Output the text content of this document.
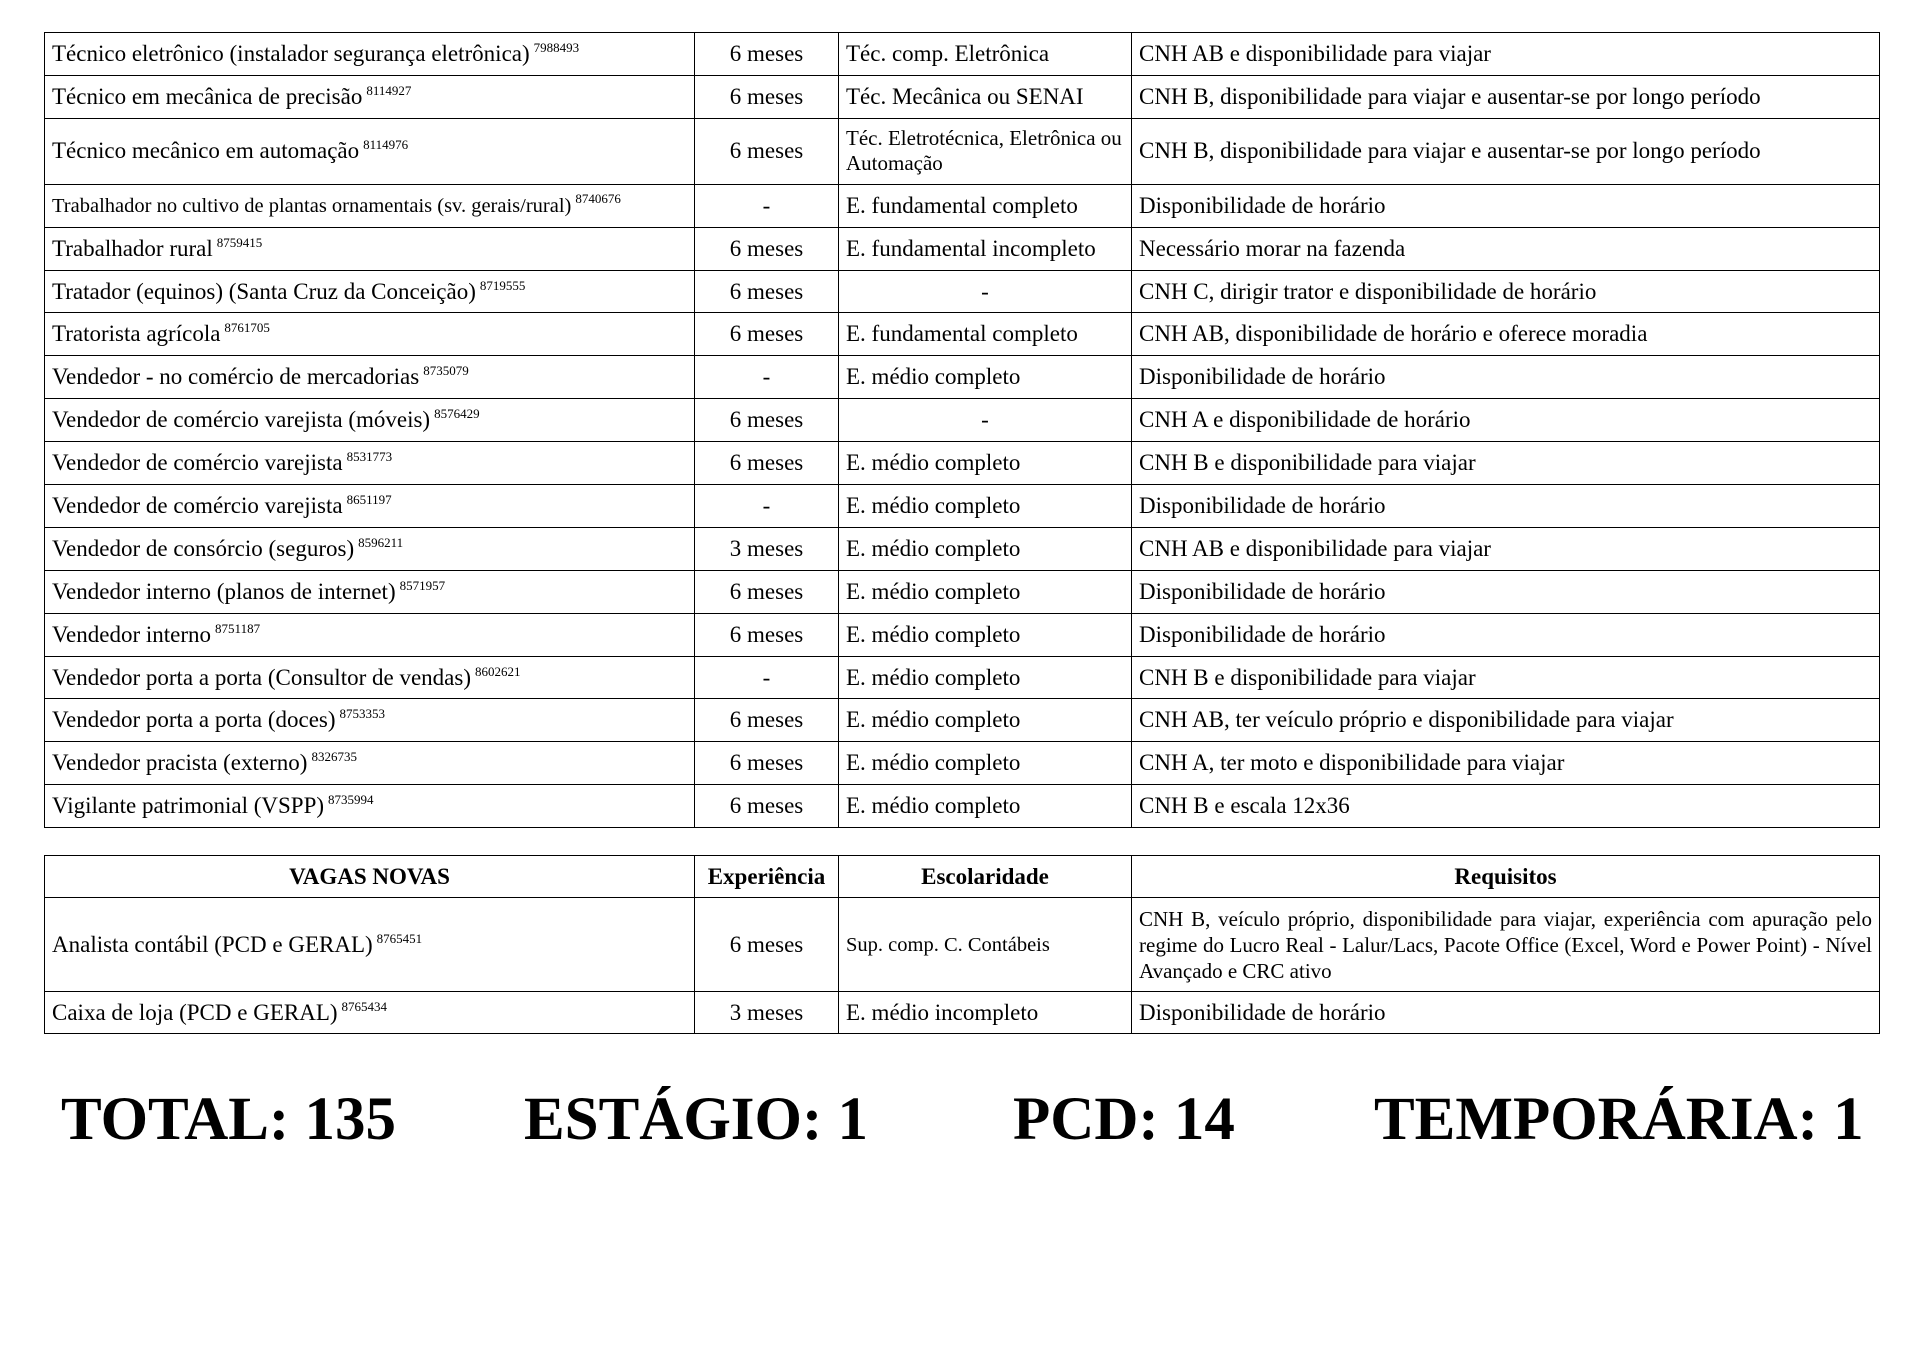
Técnico eletrônico (instalador segurança eletrônica) $^{7988493}$	6 meses	Téc. comp. Eletrônica	CNH AB e disponibilidade para viajar
Técnico em mecânica de precisão $^{8114927}$	6 meses	Téc. Mecânica ou SENAI	CNH B, disponibilidade para viajar e ausentar-se por longo período
Técnico mecânico em automação $^{8114976}$	6 meses	Téc. Eletrotécnica, Eletrônica ou Automação	CNH B, disponibilidade para viajar e ausentar-se por longo período
Trabalhador no cultivo de plantas ornamentais (sv. gerais/rural) $^{8740676}$	-	E. fundamental completo	Disponibilidade de horário
Trabalhador rural $^{8759415}$	6 meses	E. fundamental incompleto	Necessário morar na fazenda
Tratador (equinos) (Santa Cruz da Conceição) $^{8719555}$	6 meses	-	CNH C, dirigir trator e disponibilidade de horário
Tratorista agrícola $^{8761705}$	6 meses	E. fundamental completo	CNH AB, disponibilidade de horário e oferece moradia
Vendedor - no comércio de mercadorias $^{8735079}$	-	E. médio completo	Disponibilidade de horário
Vendedor de comércio varejista (móveis) $^{8576429}$	6 meses	-	CNH A e disponibilidade de horário
Vendedor de comércio varejista $^{8531773}$	6 meses	E. médio completo	CNH B e disponibilidade para viajar
Vendedor de comércio varejista $^{8651197}$	-	E. médio completo	Disponibilidade de horário
Vendedor de consórcio (seguros) $^{8596211}$	3 meses	E. médio completo	CNH AB e disponibilidade para viajar
Vendedor interno (planos de internet) $^{8571957}$	6 meses	E. médio completo	Disponibilidade de horário
Vendedor interno $^{8751187}$	6 meses	E. médio completo	Disponibilidade de horário
Vendedor porta a porta (Consultor de vendas) $^{8602621}$	-	E. médio completo	CNH B e disponibilidade para viajar
Vendedor porta a porta (doces) $^{8753353}$	6 meses	E. médio completo	CNH AB, ter veículo próprio e disponibilidade para viajar
Vendedor pracista (externo) $^{8326735}$	6 meses	E. médio completo	CNH A, ter moto e disponibilidade para viajar
Vigilante patrimonial (VSPP) $^{8735994}$	6 meses	E. médio completo	CNH B e escala 12x36
VAGAS NOVAS	Experiência	Escolaridade	Requisitos
Analista contábil (PCD e GERAL) $^{8765451}$	6 meses	Sup. comp. C. Contábeis	CNH B, veículo próprio, disponibilidade para viajar, experiência com apuração pelo regime do Lucro Real - Lalur/Lacs, Pacote Office (Excel, Word e Power Point) - Nível Avançado e CRC ativo
Caixa de loja (PCD e GERAL) $^{8765434}$	3 meses	E. médio incompleto	Disponibilidade de horário
TOTAL: 135 ESTÁGIO: 1 PCD: 14 TEMPORÁRIA: 1
